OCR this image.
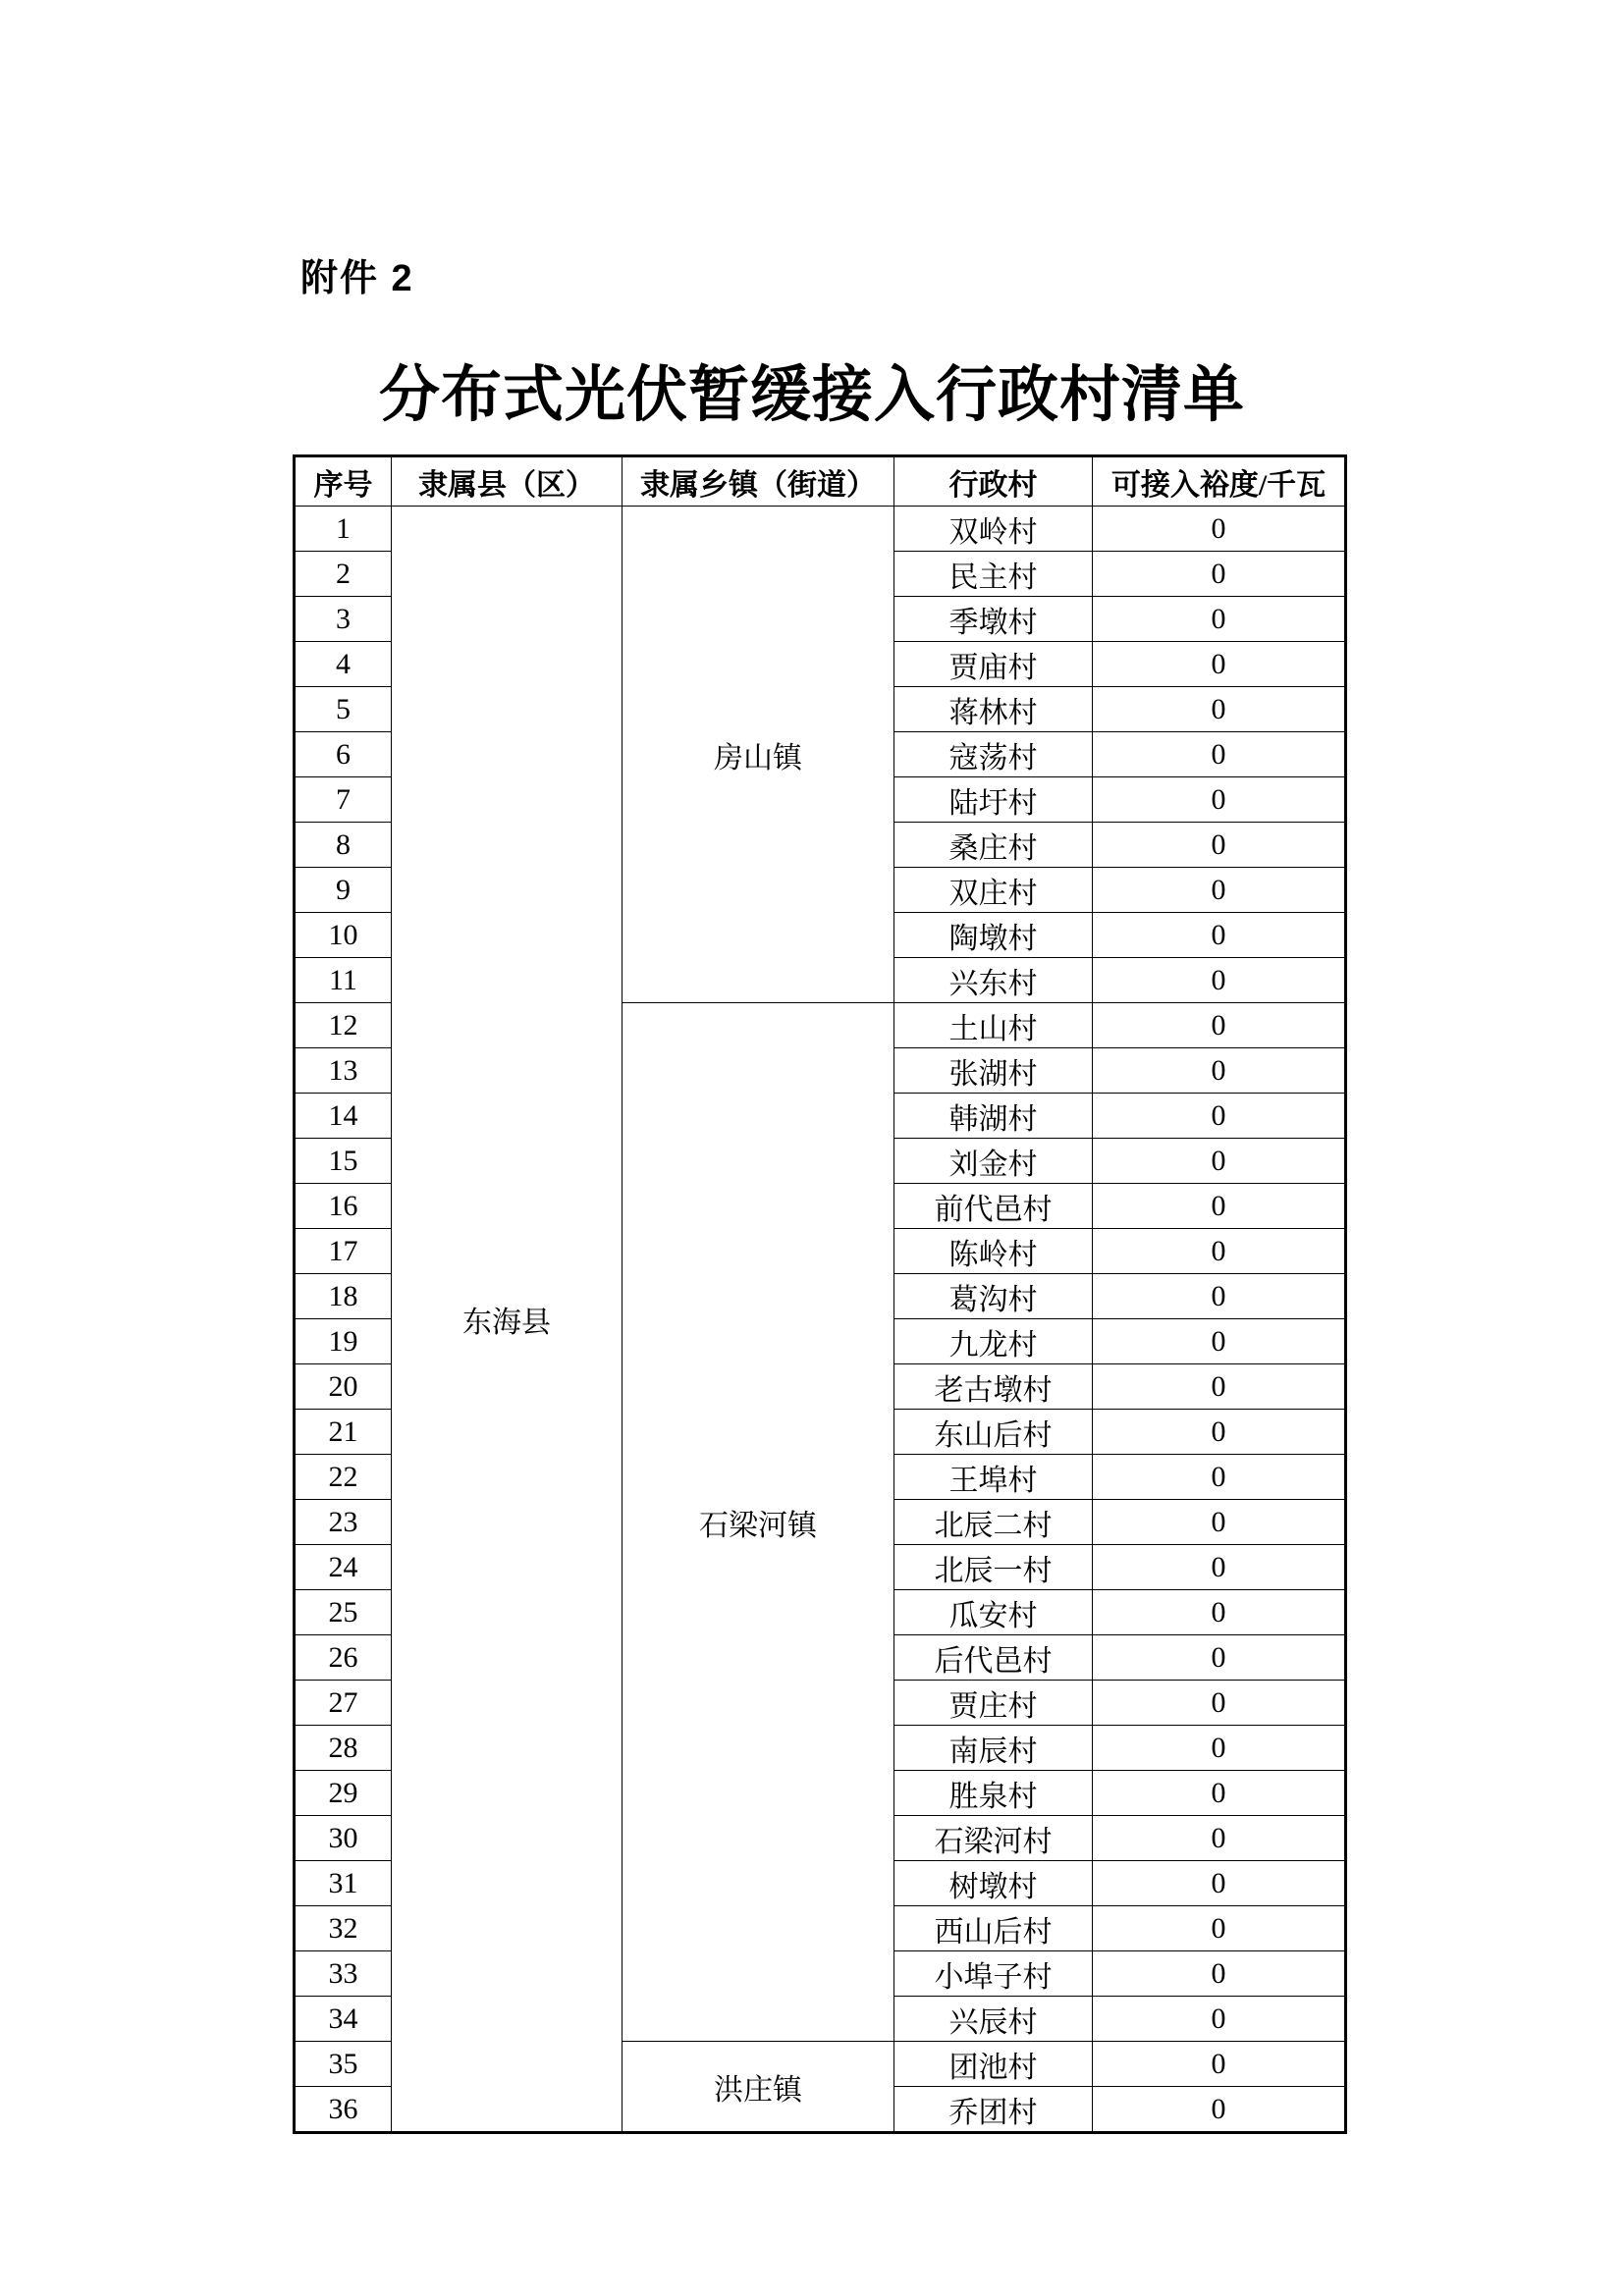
附件 2
分布式光伏暂缓接入行政村清单
序号	隶属县（区）	隶属乡镇（街道）	行政村	可接入裕度/千瓦
1	东海县	房山镇	双岭村	0
2			民主村	0
3			季墩村	0
4			贾庙村	0
5			蒋林村	0
6			寇荡村	0
7			陆圩村	0
8			桑庄村	0
9			双庄村	0
10			陶墩村	0
11			兴东村	0
12		石梁河镇	土山村	0
13			张湖村	0
14			韩湖村	0
15			刘金村	0
16			前代邑村	0
17			陈岭村	0
18			葛沟村	0
19			九龙村	0
20			老古墩村	0
21			东山后村	0
22			王埠村	0
23			北辰二村	0
24			北辰一村	0
25			瓜安村	0
26			后代邑村	0
27			贾庄村	0
28			南辰村	0
29			胜泉村	0
30			石梁河村	0
31			树墩村	0
32			西山后村	0
33			小埠子村	0
34			兴辰村	0
35		洪庄镇	团池村	0
36			乔团村	0
